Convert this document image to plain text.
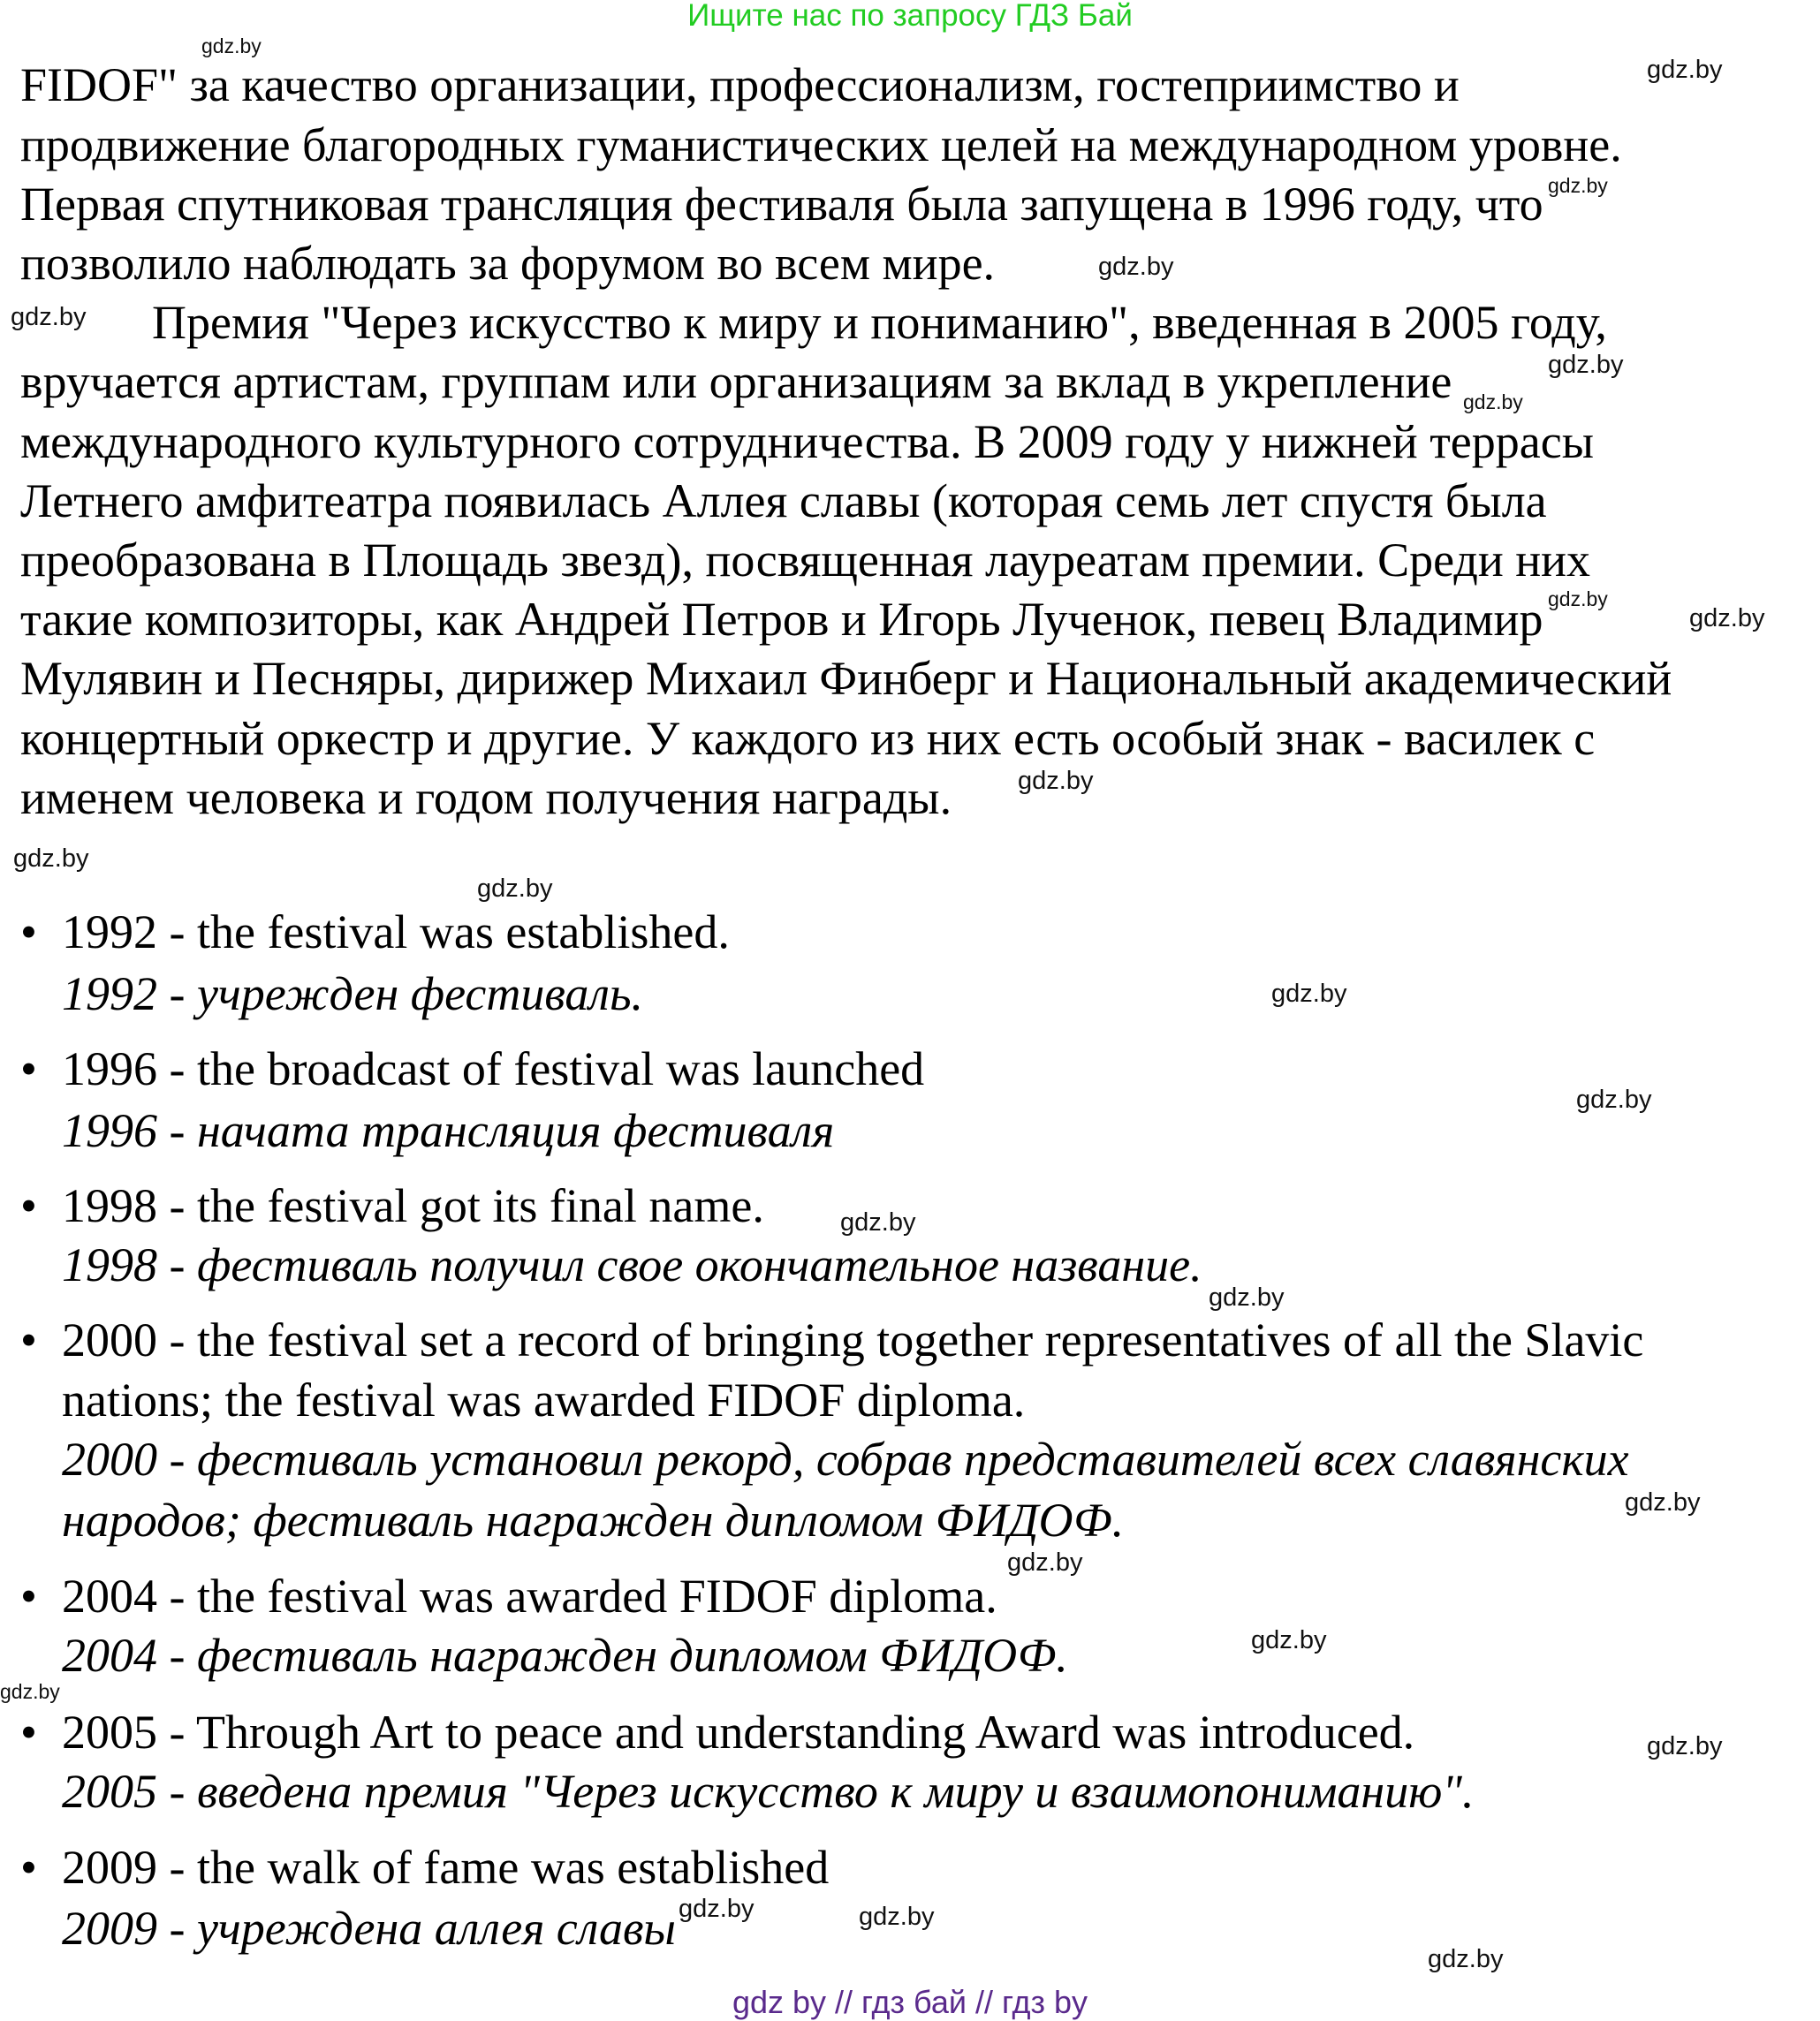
Ищите нас по запросу ГДЗ Бай
FIDOF" за качество организации, профессионализм, гостеприимство и
продвижение благородных гуманистических целей на международном уровне.
Первая спутниковая трансляция фестиваля была запущена в 1996 году, что
позволило наблюдать за форумом во всем мире.
Премия "Через искусство к миру и пониманию", введенная в 2005 году,
вручается артистам, группам или организациям за вклад в укрепление
международного культурного сотрудничества. В 2009 году у нижней террасы
Летнего амфитеатра появилась Аллея славы (которая семь лет спустя была
преобразована в Площадь звезд), посвященная лауреатам премии. Среди них
такие композиторы, как Андрей Петров и Игорь Лученок, певец Владимир
Мулявин и Песняры, дирижер Михаил Финберг и Национальный академический
концертный оркестр и другие. У каждого из них есть особый знак - василек с
именем человека и годом получения награды.
• 1992 - the festival was established.
1992 - учрежден фестиваль.
• 1996 - the broadcast of festival was launched
1996 - начата трансляция фестиваля
• 1998 - the festival got its final name.
1998 - фестиваль получил свое окончательное название.
• 2000 - the festival set a record of bringing together representatives of all the Slavic
nations; the festival was awarded FIDOF diploma.
2000 - фестиваль установил рекорд, собрав представителей всех славянских
народов; фестиваль награжден дипломом ФИДОФ.
• 2004 - the festival was awarded FIDOF diploma.
2004 - фестиваль награжден дипломом ФИДОФ.
• 2005 - Through Art to peace and understanding Award was introduced.
2005 - введена премия "Через искусство к миру и взаимопониманию".
• 2009 - the walk of fame was established
2009 - учреждена аллея славы
gdz.by
gdz.by
gdz.by
gdz.by
gdz.by
gdz.by
gdz.by
gdz.by
gdz.by
gdz.by
gdz.by
gdz.by
gdz.by
gdz.by
gdz.by
gdz.by
gdz.by
gdz.by
gdz.by
gdz.by
gdz.by
gdz.by	gdz.by
gdz.by
gdz by // гдз бай // гдз by
